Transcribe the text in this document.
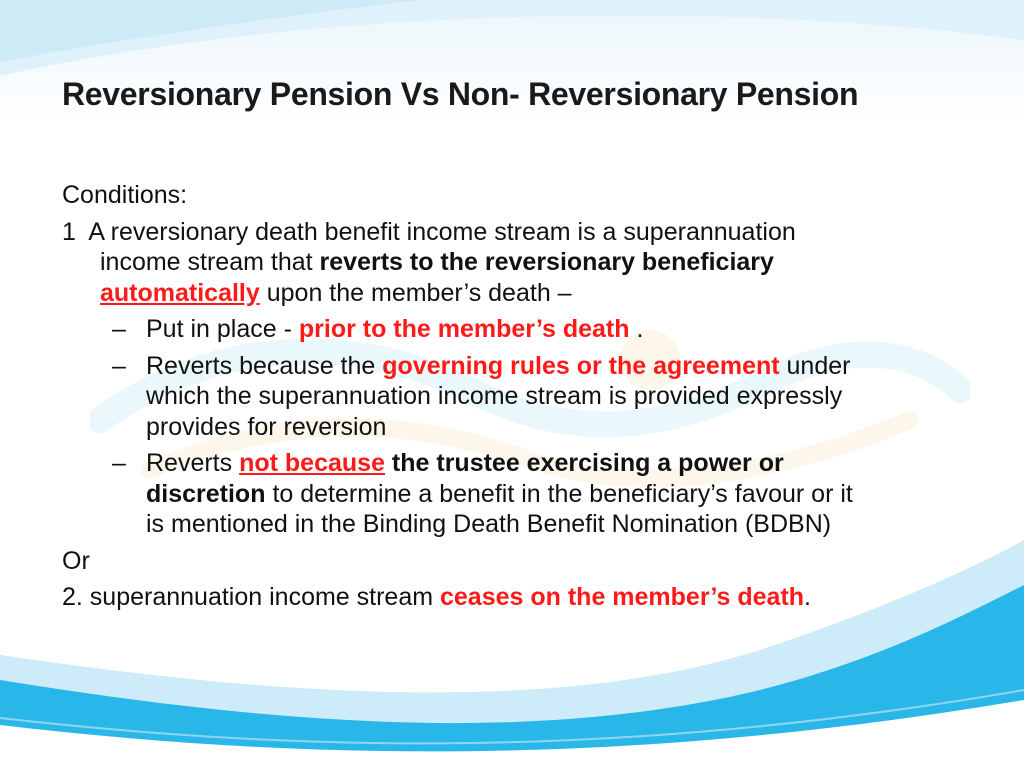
Reversionary Pension Vs Non- Reversionary Pension

Conditions:

1 A reversionary death benefit income stream is a superannuation

income stream that reverts to the reversionary beneficiary

automatically upon the member’s death –

– Put in place - prior to the member’s death .
– Reverts because the governing rules or the agreement under
which the superannuation income stream is provided expressly
provides for reversion
– Reverts not because the trustee exercising a power or
discretion to determine a benefit in the beneficiary’s favour or it
is mentioned in the Binding Death Benefit Nomination (BDBN)

Or

2. superannuation income stream ceases on the member’s death.
